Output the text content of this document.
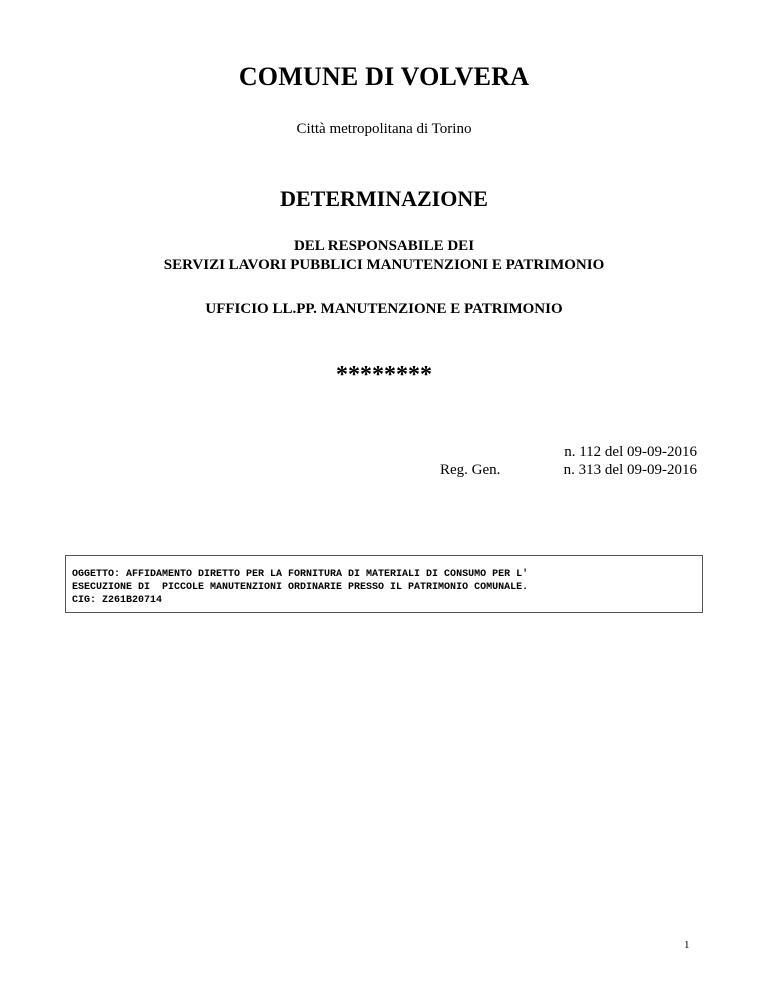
COMUNE DI VOLVERA
Città metropolitana di Torino
DETERMINAZIONE
DEL RESPONSABILE DEI
SERVIZI LAVORI PUBBLICI MANUTENZIONI E PATRIMONIO
UFFICIO LL.PP. MANUTENZIONE E PATRIMONIO
********
Reg. Gen.
n. 112 del 09-09-2016
n. 313 del 09-09-2016
OGGETTO: AFFIDAMENTO DIRETTO PER LA FORNITURA DI MATERIALI DI CONSUMO PER L'
ESECUZIONE DI  PICCOLE MANUTENZIONI ORDINARIE PRESSO IL PATRIMONIO COMUNALE.
CIG: Z261B20714
1
